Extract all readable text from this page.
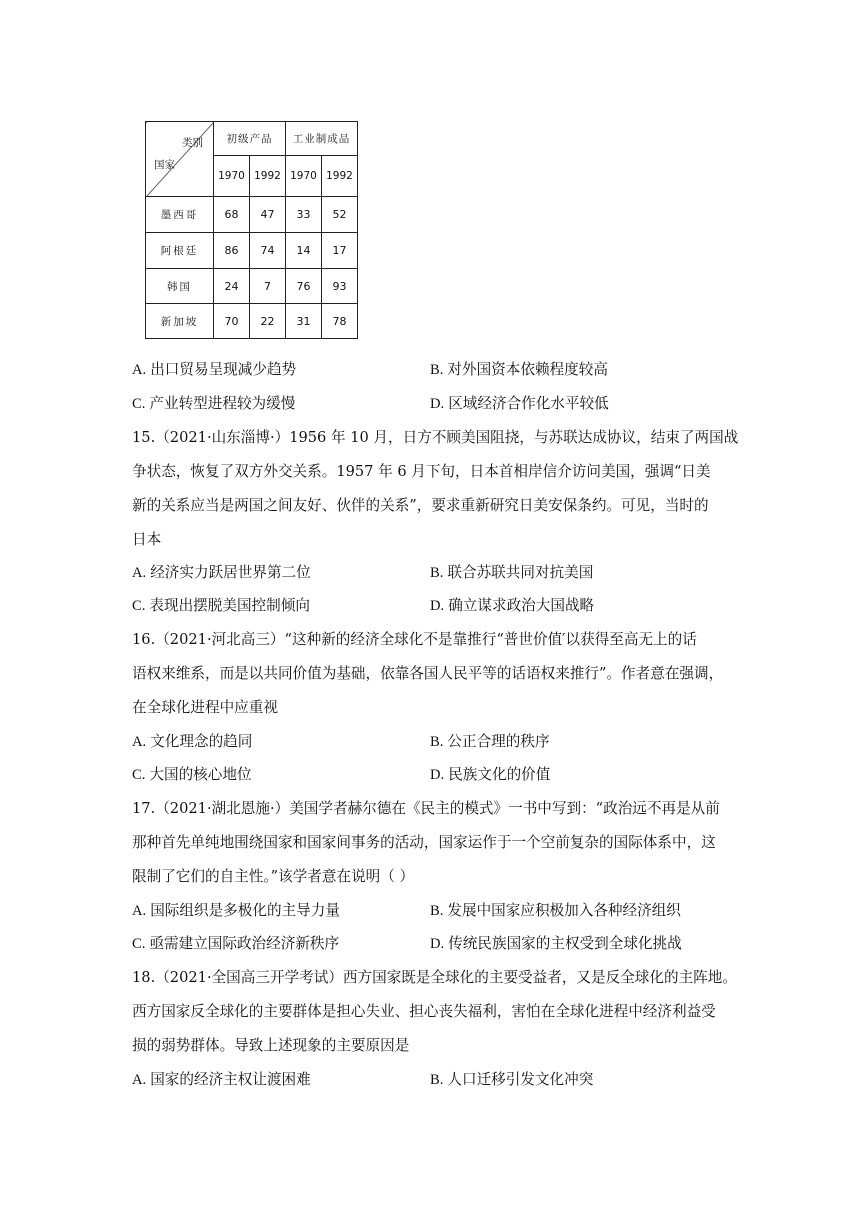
类别
国家	初级产品		工业制成品	
	1970	1992	1970	1992
墨西哥	68	47	33	52
阿根廷	86	74	14	17
韩国	24	7	76	93
新加坡	70	22	31	78
A. 出口贸易呈现减少趋势	B. 对外国资本依赖程度较高
C. 产业转型进程较为缓慢	D. 区域经济合作化水平较低
15.（2021·山东淄博·）1956 年 10 月，日方不顾美国阻挠，与苏联达成协议，结束了两国战
争状态，恢复了双方外交关系。1957 年 6 月下旬，日本首相岸信介访问美国，强调“日美
新的关系应当是两国之间友好、伙伴的关系”，要求重新研究日美安保条约。可见，当时的
日本
A. 经济实力跃居世界第二位	B. 联合苏联共同对抗美国
C. 表现出摆脱美国控制倾向	D. 确立谋求政治大国战略
16.（2021·河北高三）“这种新的经济全球化不是靠推行“普世价值′以获得至高无上的话
语权来维系，而是以共同价值为基础，依靠各国人民平等的话语权来推行”。作者意在强调，
在全球化进程中应重视
A. 文化理念的趋同	B. 公正合理的秩序
C. 大国的核心地位	D. 民族文化的价值
17.（2021·湖北恩施·）美国学者赫尔德在《民主的模式》一书中写到：“政治远不再是从前
那种首先单纯地围绕国家和国家间事务的活动，国家运作于一个空前复杂的国际体系中，这
限制了它们的自主性。”该学者意在说明（ ）
A. 国际组织是多极化的主导力量	B. 发展中国家应积极加入各种经济组织
C. 亟需建立国际政治经济新秩序	D. 传统民族国家的主权受到全球化挑战
18.（2021·全国高三开学考试）西方国家既是全球化的主要受益者，又是反全球化的主阵地。
西方国家反全球化的主要群体是担心失业、担心丧失福利，害怕在全球化进程中经济利益受
损的弱势群体。导致上述现象的主要原因是
A. 国家的经济主权让渡困难	B. 人口迁移引发文化冲突
